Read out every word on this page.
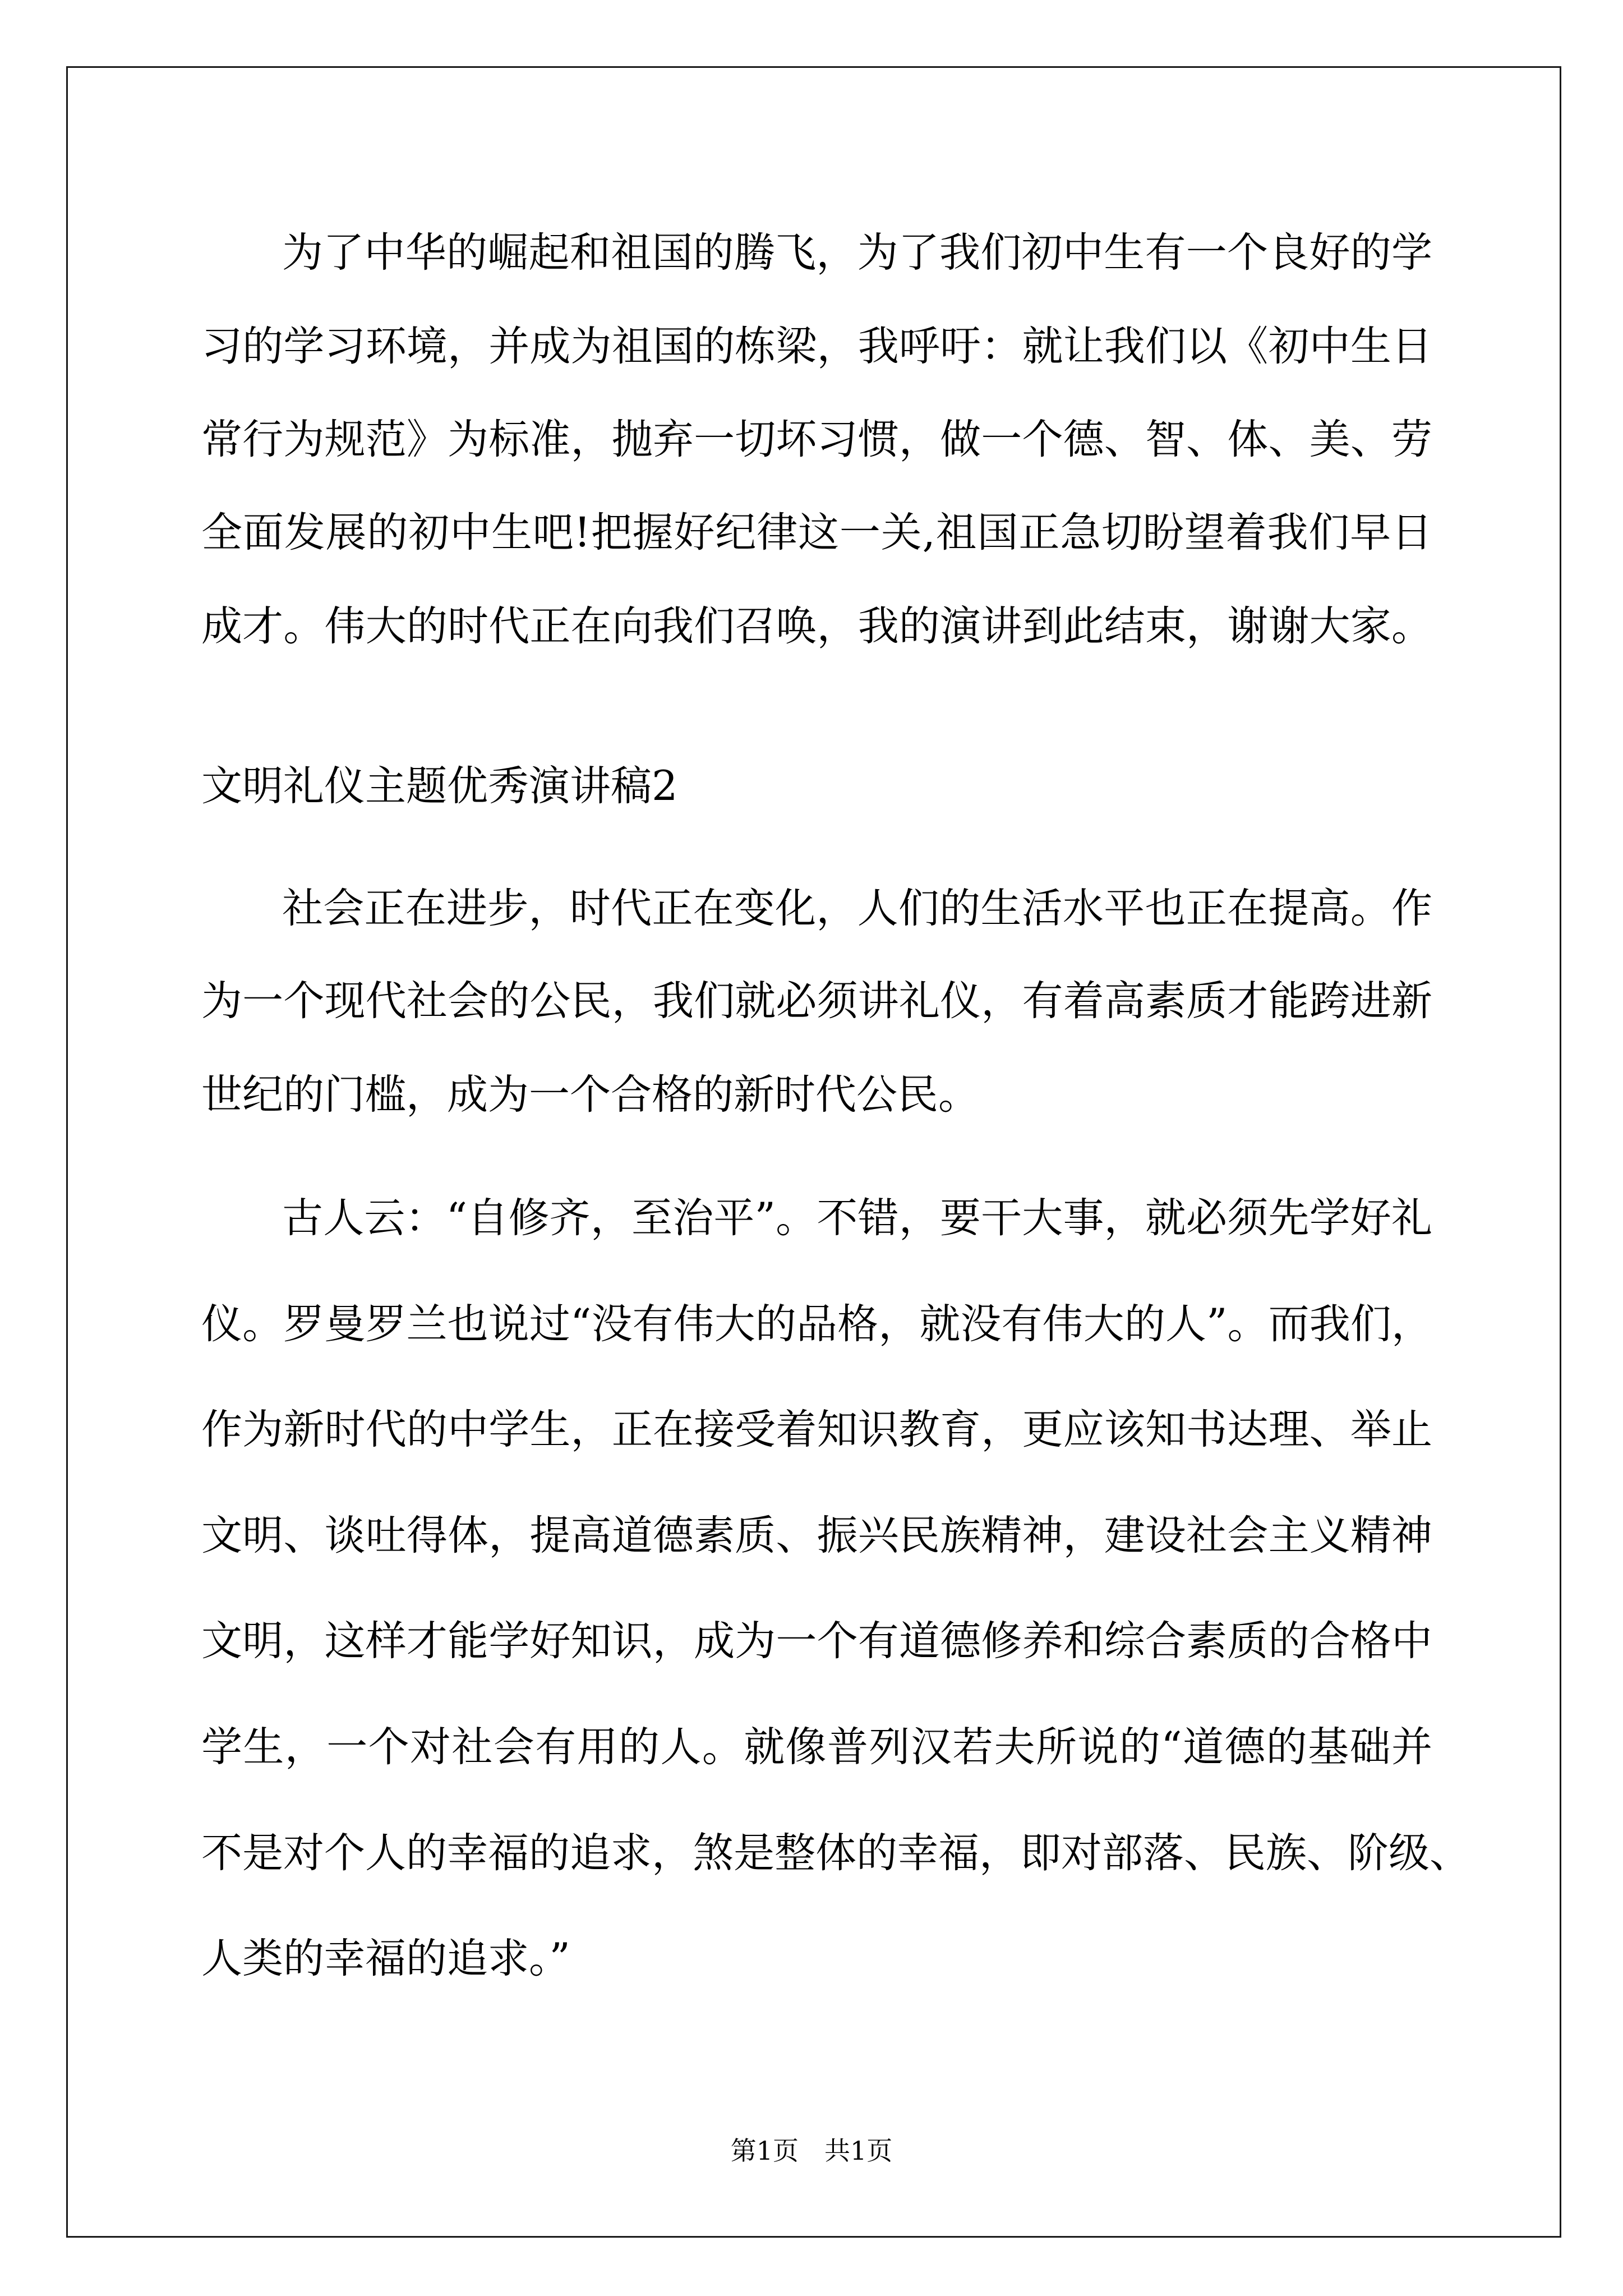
为了中华的崛起和祖国的腾飞，为了我们初中生有一个良好的学
习的学习环境，并成为祖国的栋梁，我呼吁：就让我们以《初中生日
常行为规范》为标准，抛弃一切坏习惯，做一个德、智、体、美、劳
全面发展的初中生吧!把握好纪律这一关,祖国正急切盼望着我们早日
成才。伟大的时代正在向我们召唤，我的演讲到此结束，谢谢大家。
文明礼仪主题优秀演讲稿2
社会正在进步，时代正在变化，人们的生活水平也正在提高。作
为一个现代社会的公民，我们就必须讲礼仪，有着高素质才能跨进新
世纪的门槛，成为一个合格的新时代公民。
古人云：“自修齐，至治平”。不错，要干大事，就必须先学好礼
仪。罗曼罗兰也说过“没有伟大的品格，就没有伟大的人”。而我们，
作为新时代的中学生，正在接受着知识教育，更应该知书达理、举止
文明、谈吐得体，提高道德素质、振兴民族精神，建设社会主义精神
文明，这样才能学好知识，成为一个有道德修养和综合素质的合格中
学生，一个对社会有用的人。就像普列汉若夫所说的“道德的基础并
不是对个人的幸福的追求，煞是整体的幸福，即对部落、民族、阶级、
人类的幸福的追求。”
第1页　共1页
